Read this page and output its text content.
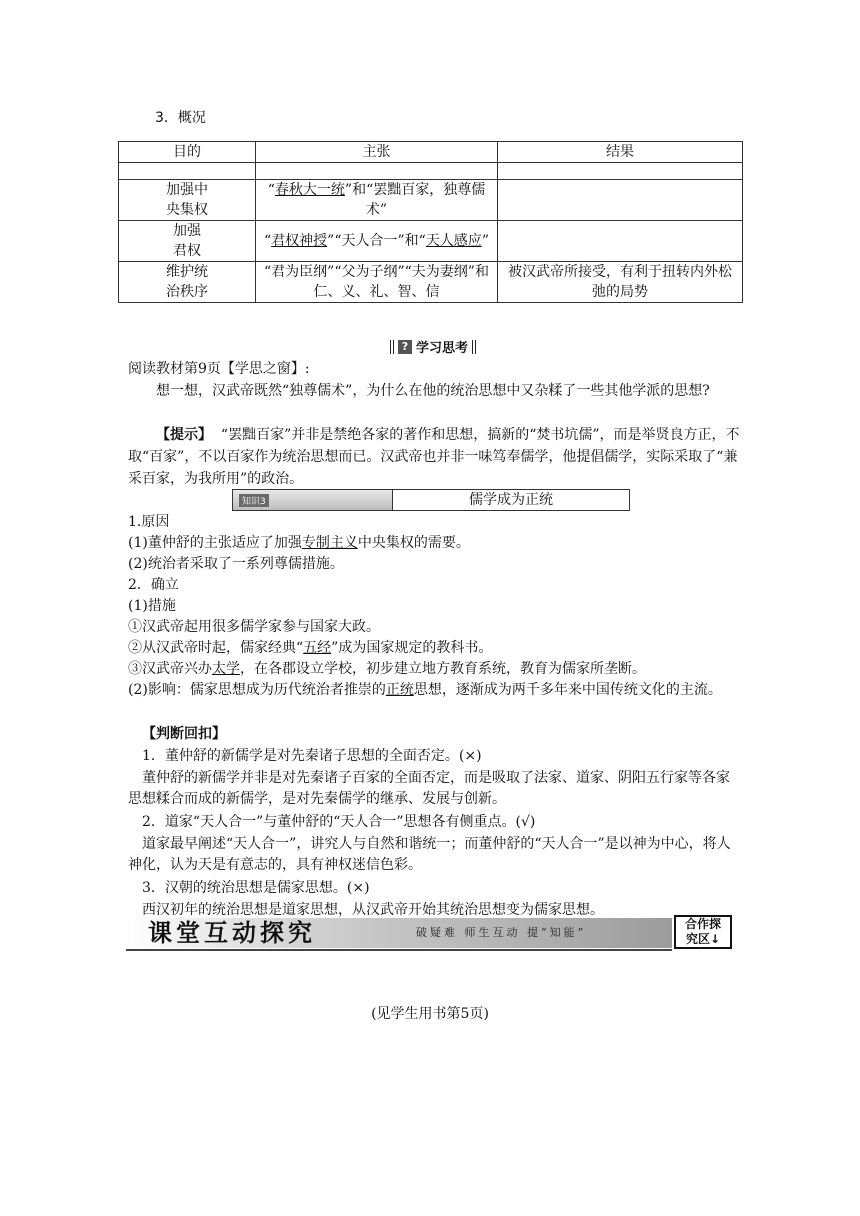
3．概况
目的	主张	结果

加强中
央集权	“春秋大一统”和“罢黜百家，独尊儒术”	
加强
君权	“君权神授”“天人合一”和“天人感应”	
维护统
治秩序	“君为臣纲”“父为子纲”“夫为妻纲”和仁、义、礼、智、信	被汉武帝所接受，有利于扭转内外松弛的局势
? 学习思考
阅读教材第9页【学思之窗】:
想一想，汉武帝既然“独尊儒术”，为什么在他的统治思想中又杂糅了一些其他学派的思想?
【提示】 “罢黜百家”并非是禁绝各家的著作和思想，搞新的“焚书坑儒”，而是举贤良方正，不取“百家”，不以百家作为统治思想而已。汉武帝也并非一味笃奉儒学，他提倡儒学，实际采取了“兼采百家，为我所用”的政治。
知识3	儒学成为正统
1.原因
(1)董仲舒的主张适应了加强专制主义中央集权的需要。
(2)统治者采取了一系列尊儒措施。
2．确立
(1)措施
①汉武帝起用很多儒学家参与国家大政。
②从汉武帝时起，儒家经典“五经”成为国家规定的教科书。
③汉武帝兴办太学，在各郡设立学校，初步建立地方教育系统，教育为儒家所垄断。
(2)影响：儒家思想成为历代统治者推崇的正统思想，逐渐成为两千多年来中国传统文化的主流。
【判断回扣】
1．董仲舒的新儒学是对先秦诸子思想的全面否定。(×)
董仲舒的新儒学并非是对先秦诸子百家的全面否定，而是吸取了法家、道家、阴阳五行家等各家思想糅合而成的新儒学，是对先秦儒学的继承、发展与创新。
2．道家“天人合一”与董仲舒的“天人合一”思想各有侧重点。(√)
道家最早阐述“天人合一”，讲究人与自然和谐统一；而董仲舒的“天人合一”是以神为中心，将人神化，认为天是有意志的，具有神权迷信色彩。
3．汉朝的统治思想是儒家思想。(×)
西汉初年的统治思想是道家思想，从汉武帝开始其统治思想变为儒家思想。
课堂互动探究	破疑难 师生互动 提“知能”
合作探
究区↓
(见学生用书第5页)
